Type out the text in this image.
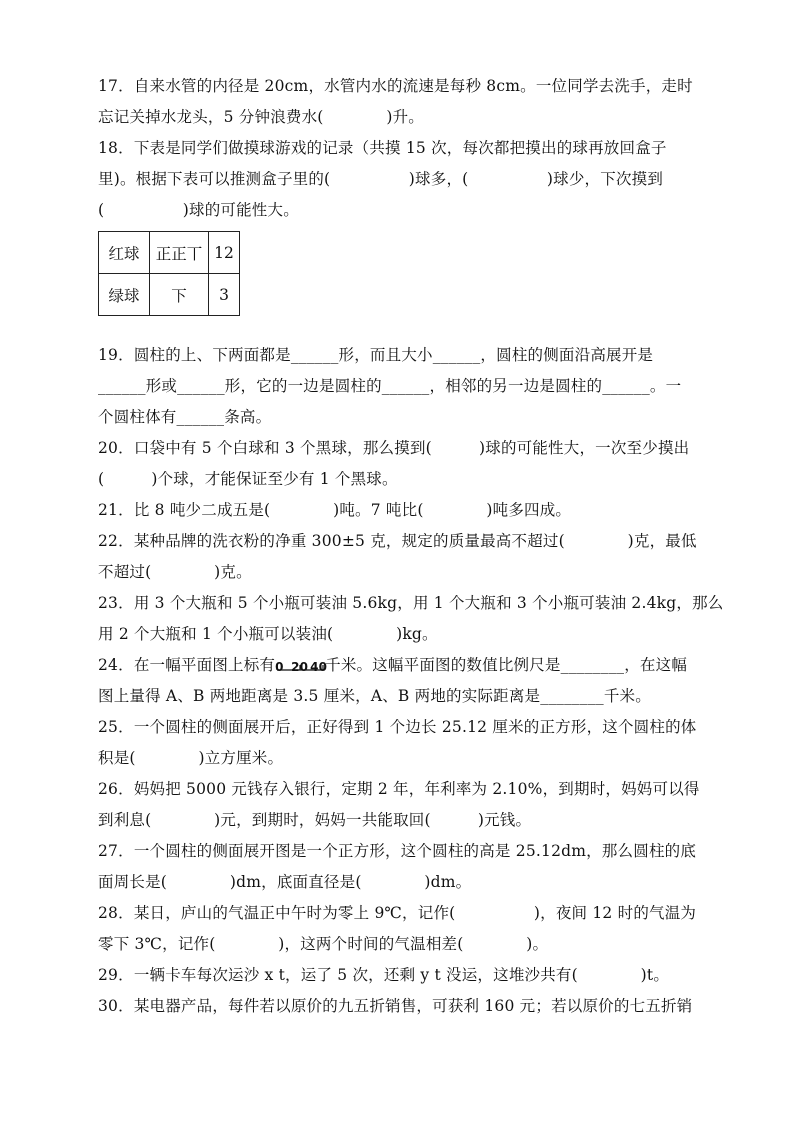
17．自来水管的内径是 20cm，水管内水的流速是每秒 8cm。一位同学去洗手，走时
忘记关掉水龙头，5 分钟浪费水(　　　　)升。
18．下表是同学们做摸球游戏的记录（共摸 15 次，每次都把摸出的球再放回盒子
里)。根据下表可以推测盒子里的(　　　　　)球多，(　　　　　)球少，下次摸到
(　　　　　)球的可能性大。
红球	正正丅	12
绿球	下	3
19．圆柱的上、下两面都是______形，而且大小______，圆柱的侧面沿高展开是
______形或______形，它的一边是圆柱的______，相邻的另一边是圆柱的______。一
个圆柱体有______条高。
20．口袋中有 5 个白球和 3 个黑球，那么摸到(　　　)球的可能性大，一次至少摸出
(　　　)个球，才能保证至少有 1 个黑球。
21．比 8 吨少二成五是(　　　　)吨。7 吨比(　　　　)吨多四成。
22．某种品牌的洗衣粉的净重 300±5 克，规定的质量最高不超过(　　　　)克，最低
不超过(　　　　)克。
23．用 3 个大瓶和 5 个小瓶可装油 5.6kg，用 1 个大瓶和 3 个小瓶可装油 2.4kg，那么
用 2 个大瓶和 1 个小瓶可以装油(　　　　)kg。
24．在一幅平面图上标有 0 20 40
千米。这幅平面图的数值比例尺是________，在这幅
图上量得 A、B 两地距离是 3.5 厘米，A、B 两地的实际距离是________千米。
25．一个圆柱的侧面展开后，正好得到 1 个边长 25.12 厘米的正方形，这个圆柱的体
积是(　　　　)立方厘米。
26．妈妈把 5000 元钱存入银行，定期 2 年，年利率为 2.10%，到期时，妈妈可以得
到利息(　　　　)元，到期时，妈妈一共能取回(　　　)元钱。
27．一个圆柱的侧面展开图是一个正方形，这个圆柱的高是 25.12dm，那么圆柱的底
面周长是(　　　　)dm，底面直径是(　　　　)dm。
28．某日，庐山的气温正中午时为零上 9℃，记作(　　　　　)，夜间 12 时的气温为
零下 3℃，记作(　　　　)，这两个时间的气温相差(　　　　)。
29．一辆卡车每次运沙 x t，运了 5 次，还剩 y t 没运，这堆沙共有(　　　　)t。
30．某电器产品，每件若以原价的九五折销售，可获利 160 元；若以原价的七五折销
